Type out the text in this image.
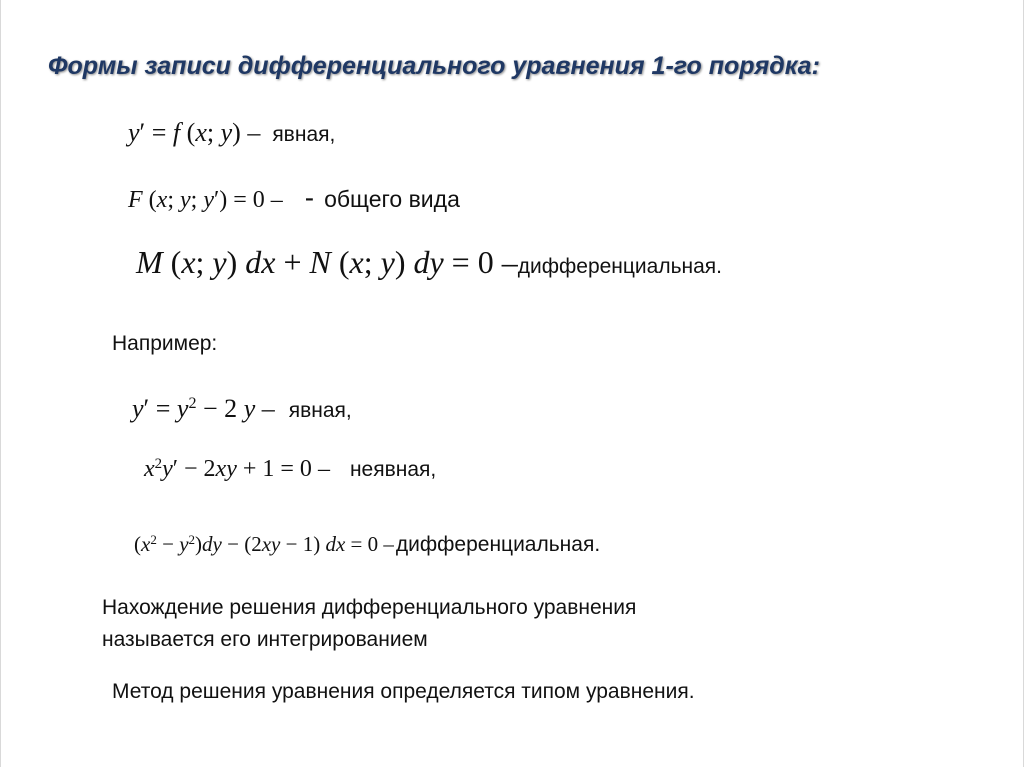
Формы записи дифференциального уравнения 1-го порядка:
y′ = f (x; y) – явная,
F (x; y; y′) = 0 – - общего вида
M (x; y) dx + N (x; y) dy = 0 – дифференциальная.
Например:
$y' = y^2 - 2$ y – явная,
$x^2y' - 2xy + 1 = 0$ – неявная,
$(x^2 - y^2)dy - (2xy - 1)$ dx = 0 – дифференциальная.
Нахождение решения дифференциального уравнения
называется его интегрированием
Метод решения уравнения определяется типом уравнения.
